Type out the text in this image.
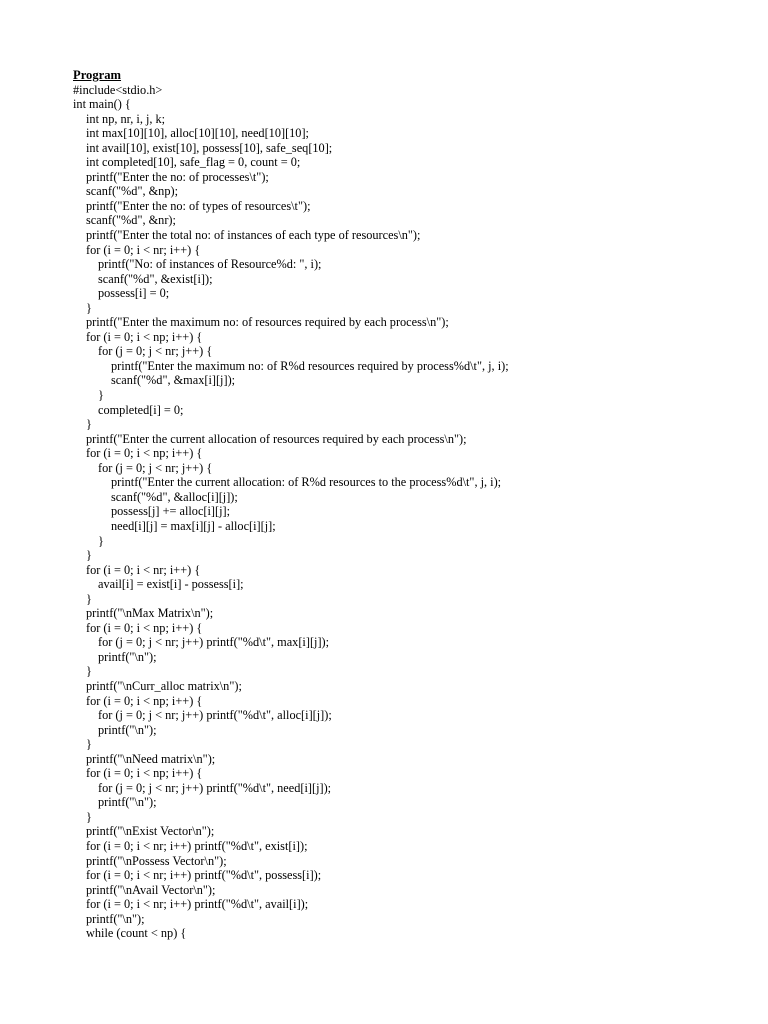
Program
#include<stdio.h>
int main() {
int np, nr, i, j, k;
int max[10][10], alloc[10][10], need[10][10];
int avail[10], exist[10], possess[10], safe_seq[10];
int completed[10], safe_flag = 0, count = 0;
printf("Enter the no: of processes\t");
scanf("%d", &np);
printf("Enter the no: of types of resources\t");
scanf("%d", &nr);
printf("Enter the total no: of instances of each type of resources\n");
for (i = 0; i < nr; i++) {
printf("No: of instances of Resource%d: ", i);
scanf("%d", &exist[i]);
possess[i] = 0;
}
printf("Enter the maximum no: of resources required by each process\n");
for (i = 0; i < np; i++) {
for (j = 0; j < nr; j++) {
printf("Enter the maximum no: of R%d resources required by process%d\t", j, i);
scanf("%d", &max[i][j]);
}
completed[i] = 0;
}
printf("Enter the current allocation of resources required by each process\n");
for (i = 0; i < np; i++) {
for (j = 0; j < nr; j++) {
printf("Enter the current allocation: of R%d resources to the process%d\t", j, i);
scanf("%d", &alloc[i][j]);
possess[j] += alloc[i][j];
need[i][j] = max[i][j] - alloc[i][j];
}
}
for (i = 0; i < nr; i++) {
avail[i] = exist[i] - possess[i];
}
printf("\nMax Matrix\n");
for (i = 0; i < np; i++) {
for (j = 0; j < nr; j++) printf("%d\t", max[i][j]);
printf("\n");
}
printf("\nCurr_alloc matrix\n");
for (i = 0; i < np; i++) {
for (j = 0; j < nr; j++) printf("%d\t", alloc[i][j]);
printf("\n");
}
printf("\nNeed matrix\n");
for (i = 0; i < np; i++) {
for (j = 0; j < nr; j++) printf("%d\t", need[i][j]);
printf("\n");
}
printf("\nExist Vector\n");
for (i = 0; i < nr; i++) printf("%d\t", exist[i]);
printf("\nPossess Vector\n");
for (i = 0; i < nr; i++) printf("%d\t", possess[i]);
printf("\nAvail Vector\n");
for (i = 0; i < nr; i++) printf("%d\t", avail[i]);
printf("\n");
while (count < np) {
